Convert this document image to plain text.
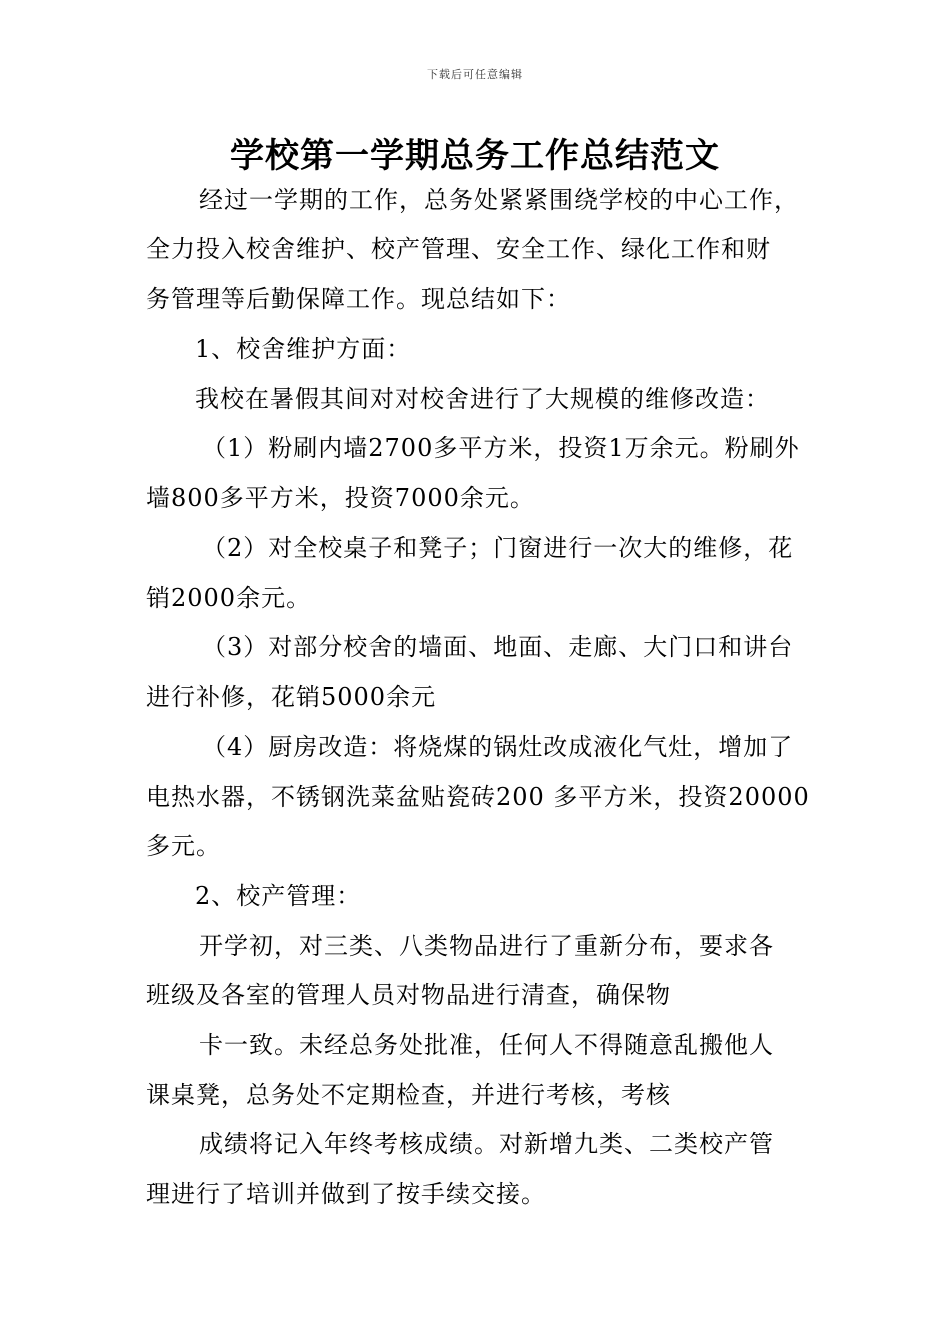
下载后可任意编辑
学校第一学期总务工作总结范文
经过一学期的工作，总务处紧紧围绕学校的中心工作，
全力投入校舍维护、校产管理、安全工作、绿化工作和财
务管理等后勤保障工作。现总结如下：
1、校舍维护方面：
我校在暑假其间对对校舍进行了大规模的维修改造：
（1）粉刷内墙2700多平方米，投资1万余元。粉刷外
墙800多平方米，投资7000余元。
（2）对全校桌子和凳子；门窗进行一次大的维修，花
销2000余元。
（3）对部分校舍的墙面、地面、走廊、大门口和讲台
进行补修，花销5000余元
（4）厨房改造：将烧煤的锅灶改成液化气灶，增加了
电热水器，不锈钢洗菜盆贴瓷砖200 多平方米，投资20000
多元。
2、校产管理：
开学初，对三类、八类物品进行了重新分布，要求各
班级及各室的管理人员对物品进行清查，确保物
卡一致。未经总务处批准，任何人不得随意乱搬他人
课桌凳，总务处不定期检查，并进行考核，考核
成绩将记入年终考核成绩。对新增九类、二类校产管
理进行了培训并做到了按手续交接。
